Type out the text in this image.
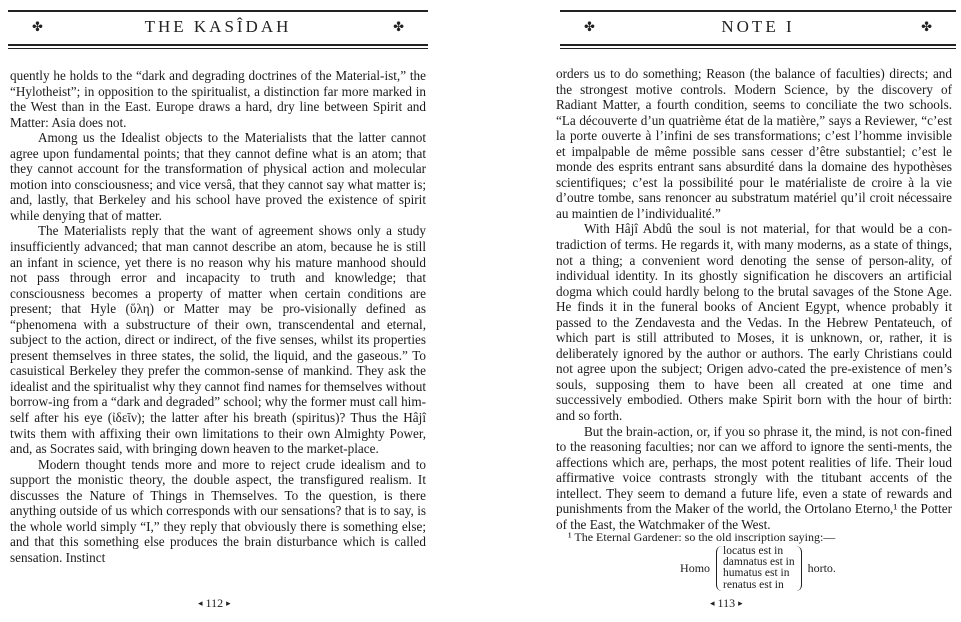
✤	THE KASÎDAH	✤

quently he holds to the “dark and degrading doctrines of the Material-ist,” the “Hylotheist”; in opposition to the spiritualist, a distinction far more marked in the West than in the East. Europe draws a hard, dry line between Spirit and Matter: Asia does not.

Among us the Idealist objects to the Materialists that the latter cannot agree upon fundamental points; that they cannot define what is an atom; that they cannot account for the transformation of physical action and molecular motion into consciousness; and vice versâ, that they cannot say what matter is; and, lastly, that Berkeley and his school have proved the existence of spirit while denying that of matter.

The Materialists reply that the want of agreement shows only a study insufficiently advanced; that man cannot describe an atom, because he is still an infant in science, yet there is no reason why his mature manhood should not pass through error and incapacity to truth and knowledge; that consciousness becomes a property of matter when certain conditions are present; that Hyle (ὕλη) or Matter may be pro-visionally defined as “phenomena with a substructure of their own, transcendental and eternal, subject to the action, direct or indirect, of the five senses, whilst its properties present themselves in three states, the solid, the liquid, and the gaseous.” To casuistical Berkeley they prefer the common-sense of mankind. They ask the idealist and the spiritualist why they cannot find names for themselves without borrow-ing from a “dark and degraded” school; why the former must call him-self after his eye (ἰδεῖν); the latter after his breath (spiritus)? Thus the Hâjî twits them with affixing their own limitations to their own Almighty Power, and, as Socrates said, with bringing down heaven to the market-place.

Modern thought tends more and more to reject crude idealism and to support the monistic theory, the double aspect, the transfigured realism. It discusses the Nature of Things in Themselves. To the question, is there anything outside of us which corresponds with our sensations? that is to say, is the whole world simply “I,” they reply that obviously there is something else; and that this something else produces the brain disturbance which is called sensation. Instinct

◂ 112 ▸
✤	NOTE I	✤

orders us to do something; Reason (the balance of faculties) directs; and the strongest motive controls. Modern Science, by the discovery of Radiant Matter, a fourth condition, seems to conciliate the two schools. “La découverte d’un quatrième état de la matière,” says a Reviewer, “c’est la porte ouverte à l’infini de ses transformations; c’est l’homme invisible et impalpable de même possible sans cesser d’être substantiel; c’est le monde des esprits entrant sans absurdité dans la domaine des hypothèses scientifiques; c’est la possibilité pour le matérialiste de croire à la vie d’outre tombe, sans renoncer au substratum matériel qu’il croit nécessaire au maintien de l’individualité.”

With Hâjî Abdû the soul is not material, for that would be a con-tradiction of terms. He regards it, with many moderns, as a state of things, not a thing; a convenient word denoting the sense of person-ality, of individual identity. In its ghostly signification he discovers an artificial dogma which could hardly belong to the brutal savages of the Stone Age. He finds it in the funeral books of Ancient Egypt, whence probably it passed to the Zendavesta and the Vedas. In the Hebrew Pentateuch, of which part is still attributed to Moses, it is unknown, or, rather, it is deliberately ignored by the author or authors. The early Christians could not agree upon the subject; Origen advo-cated the pre-existence of men’s souls, supposing them to have been all created at one time and successively embodied. Others make Spirit born with the hour of birth: and so forth.

But the brain-action, or, if you so phrase it, the mind, is not con-fined to the reasoning faculties; nor can we afford to ignore the senti-ments, the affections which are, perhaps, the most potent realities of life. Their loud affirmative voice contrasts strongly with the titubant accents of the intellect. They seem to demand a future life, even a state of rewards and punishments from the Maker of the world, the Ortolano Eterno,¹ the Potter of the East, the Watchmaker of the West.

¹ The Eternal Gardener: so the old inscription saying:—
Homo
locatus est in
damnatus est in
humatus est in
renatus est in
horto.
◂ 113 ▸
